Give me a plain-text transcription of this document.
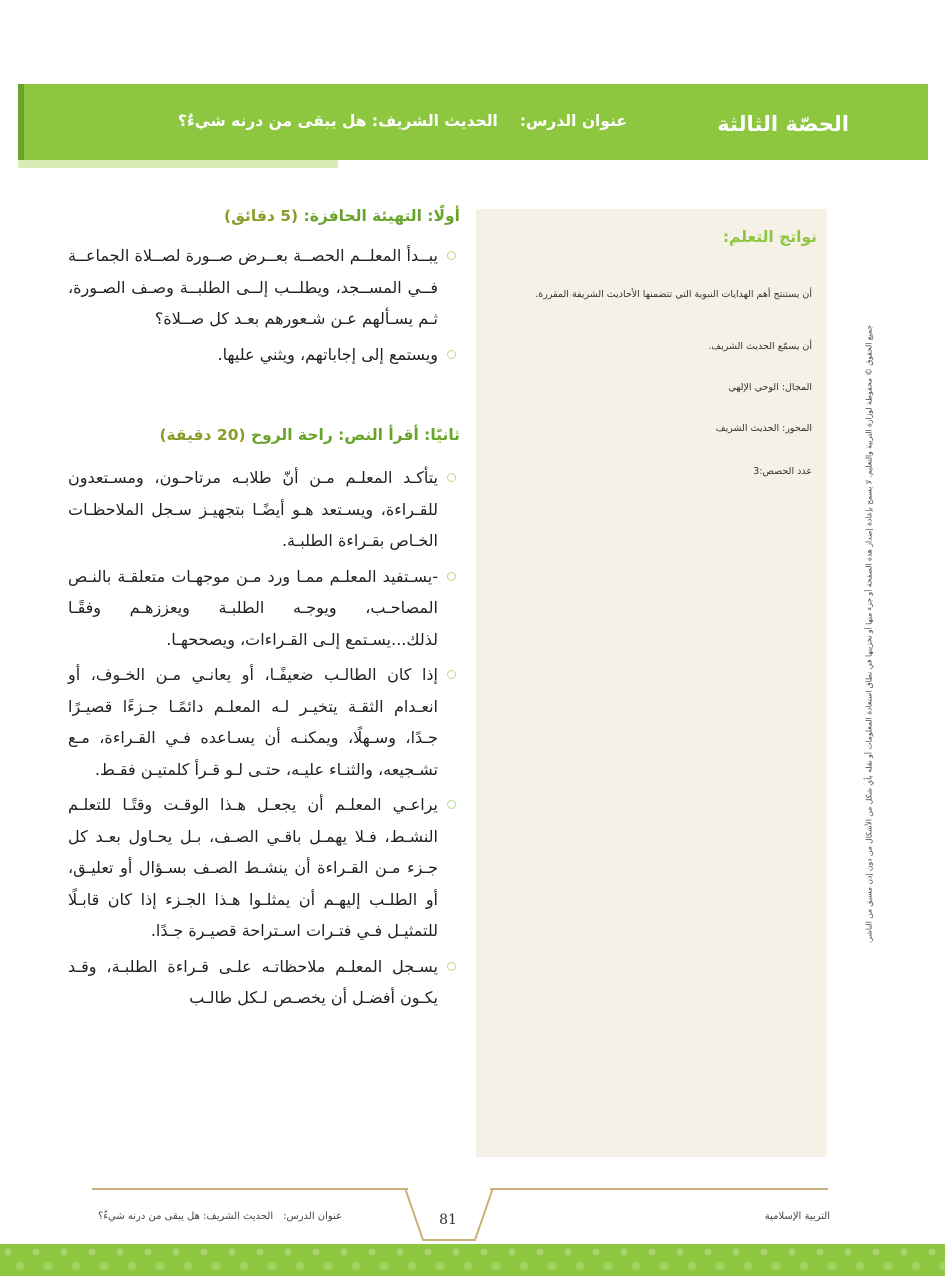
الحصّة الثالثة
عنوان الدرس:الحديث الشريف: هل يبقى من درنه شيءٌ؟
نواتج التعلم:
أن يستنتج أهم الهدايات النبوية التي تتضمنها الأحاديث الشريفة المقررة.
أن يسمّع الحديث الشريف.
المجال: الوحي الإلهي
المحور: الحديث الشريف
عدد الحصص:3	جميع الحقوق © محفوظة لوزارة التربية والتعليم. لا يسمح بإعادة إصدار هذه الصفحة أو جزء منها أو تخزينها في نطاق استعادة المعلومات أو نقله بأي شكل من الأشكال من دون إذن مسبق من الناشر.
أولًا: التهيئة الحافزة: (5 دقائق)
يبــدأ المعلــم الحصــة بعــرض صــورة لصــلاة الجماعــة فــي المســجد، ويطلــب إلــى الطلبــة وصـف الصـورة، ثـم يسـألهم عـن شـعورهم بعـد كل صــلاة؟
ويستمع إلى إجاباتهم، ويثني عليها.
ثانيًا: أقرأ النص: راحة الروح (20 دقيقة)
يتأكـد المعلـم مـن أنّ طلابـه مرتاحـون، ومسـتعدون للقـراءة، ويسـتعد هـو أيضًـا بتجهيـز سـجل الملاحظـات الخـاص بقـراءة الطلبـة.
-يسـتفيد المعلـم ممـا ورد مـن موجهـات متعلقـة بالنـص المصاحـب، ويوجـه الطلبـة ويعززهـم وفقًـا لذلك...يسـتمع إلـى القـراءات، ويصححهـا.
إذا كان الطالـب ضعيفًـا، أو يعانـي مـن الخـوف، أو انعـدام الثقـة يتخيـر لـه المعلـم دائمًـا جـزءًا قصيـرًا جـدًا، وسـهلًا، ويمكنـه أن يسـاعده فـي القـراءة، مـع تشـجيعه، والثنـاء عليـه، حتـى لـو قـرأ كلمتيـن فقـط.
يراعـي المعلـم أن يجعـل هـذا الوقـت وقتًـا للتعلـم النشـط، فـلا يهمـل باقـي الصـف، بـل يحـاول بعـد كل جـزء مـن القـراءة أن ينشـط الصـف بسـؤال أو تعليـق، أو الطلـب إليهـم أن يمثلـوا هـذا الجـزء إذا كان قابـلًا للتمثيـل فـي فتـرات اسـتراحة قصيـرة جـدًا.
يسـجل المعلـم ملاحظاتـه علـى قـراءة الطلبـة، وقـد يكـون أفضـل أن يخصـص لـكل طالـب
81	التربية الإسلامية
عنوان الدرس:الحديث الشريف: هل يبقى من درنه شيءٌ؟
